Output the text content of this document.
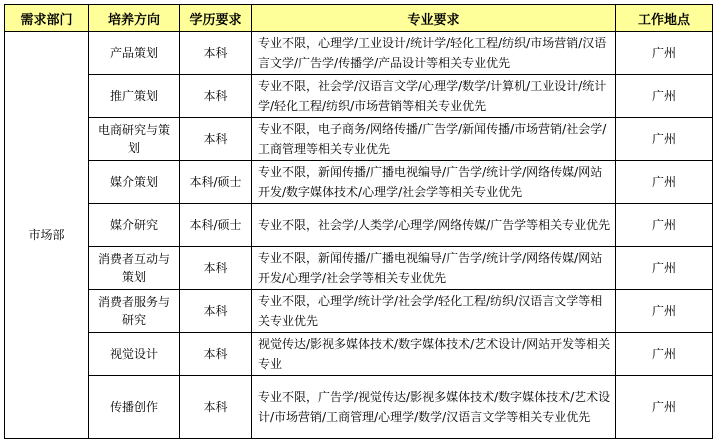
需求部门	培养方向	学历要求	专业要求	工作地点
市场部	产品策划	本科	专业不限，心理学/工业设计/统计学/轻化工程/纺织/市场营销/汉语言文学/广告学/传播学/产品设计等相关专业优先	广州
	推广策划	本科	专业不限，社会学/汉语言文学/心理学/数学/计算机/工业设计/统计学/轻化工程/纺织/市场营销等相关专业优先	广州
	电商研究与策划	本科	专业不限，电子商务/网络传播/广告学/新闻传播/市场营销/社会学/工商管理等相关专业优先	广州
	媒介策划	本科/硕士	专业不限，新闻传播/广播电视编导/广告学/统计学/网络传媒/网站开发/数字媒体技术/心理学/社会学等相关专业优先	广州
	媒介研究	本科/硕士	专业不限，社会学/人类学/心理学/网络传媒/广告学等相关专业优先	广州
	消费者互动与策划	本科	专业不限，新闻传播/广播电视编导/广告学/统计学/网络传媒/网站开发/心理学/社会学等相关专业优先	广州
	消费者服务与研究	本科	专业不限，心理学/统计学/社会学/轻化工程/纺织/汉语言文学等相关专业优先	广州
	视觉设计	本科	视觉传达/影视多媒体技术/数字媒体技术/艺术设计/网站开发等相关专业	广州
	传播创作	本科	专业不限，广告学/视觉传达/影视多媒体技术/数字媒体技术/艺术设计/市场营销/工商管理/心理学/数学/汉语言文学等相关专业优先	广州
